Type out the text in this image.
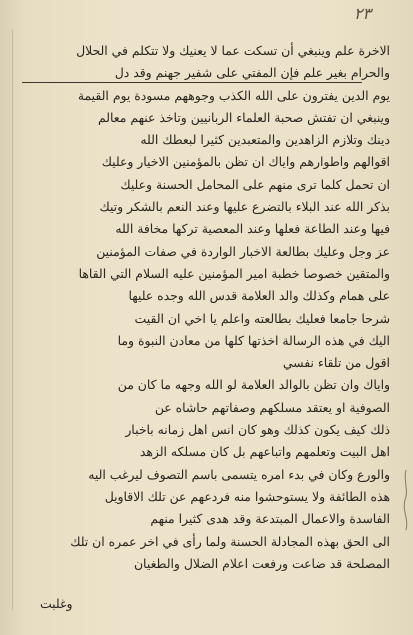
٢٣
الاخرة علم وينبغي أن تسكت عما لا يعنيك ولا تتكلم في الحلال
والحرام بغير علم فإن المفتي على شفير جهنم وقد دل
يوم الدين يفترون على الله الكذب وجوههم مسودة يوم القيمة
وينبغي ان تفتش صحبة العلماء الربانيين وتاخذ عنهم معالم
دينك وتلازم الزاهدين والمتعبدين كثيرا لبعطك الله
اقوالهم واطوارهم واياك ان تظن بالمؤمنين الاخيار وعليك
ان تحمل كلما ترى منهم على المحامل الحسنة وعليك
بذكر الله عند البلاء بالتضرع عليها وعند النعم بالشكر وتيك
فيها وعند الطاعة فعلها وعند المعصية تركها مخافة الله
عز وجل وعليك بطالعة الاخبار الواردة في صفات المؤمنين
والمتقين خصوصا خطبة امير المؤمنين عليه السلام التي القاها
على همام وكذلك والد العلامة قدس الله وجده عليها
شرحا جامعا فعليك بطالعته واعلم يا اخي ان القيت
اليك في هذه الرسالة اخذتها كلها من معادن النبوة وما
اقول من تلقاء نفسي
واياك وان تظن بالوالد العلامة لو الله وجهه ما كان من
الصوفية او يعتقد مسلكهم وصفاتهم حاشاه عن
ذلك كيف يكون كذلك وهو كان انس اهل زمانه باخبار
اهل البيت وتعلمهم واتباعهم بل كان مسلكه الزهد
والورع وكان في بدء امره يتسمى باسم التصوف ليرغب اليه
هذه الطائفة ولا يستوحشوا منه فردعهم عن تلك الاقاويل
الفاسدة والاعمال المبتدعة وقد هدى كثيرا منهم
الى الحق بهذه المجادلة الحسنة ولما رأى في اخر عمره ان تلك
المصلحة قد ضاعت ورفعت اعلام الضلال والطغيان
وغلبت
